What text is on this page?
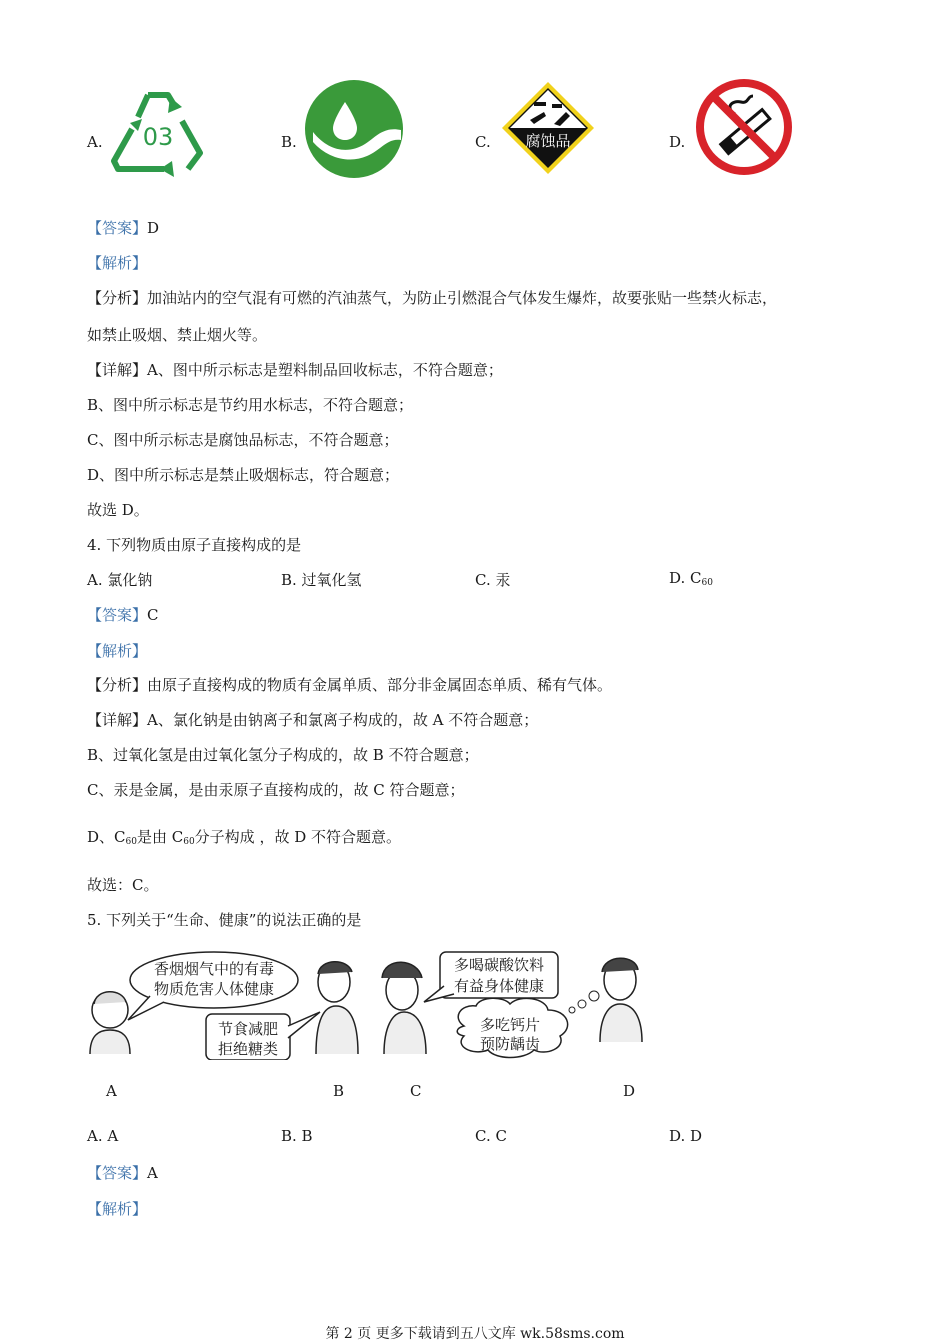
A. 03	B.	C. 腐蚀品	D.
【答案】D
【解析】
【分析】加油站内的空气混有可燃的汽油蒸气，为防止引燃混合气体发生爆炸，故要张贴一些禁火标志，
如禁止吸烟、禁止烟火等。
【详解】A、图中所示标志是塑料制品回收标志，不符合题意；
B、图中所示标志是节约用水标志，不符合题意；
C、图中所示标志是腐蚀品标志，不符合题意；
D、图中所示标志是禁止吸烟标志，符合题意；
故选 D。
4. 下列物质由原子直接构成的是
A. 氯化钠	B. 过氧化氢	C. 汞	D. $C_{60}$
【答案】C
【解析】
【分析】由原子直接构成的物质有金属单质、部分非金属固态单质、稀有气体。
【详解】A、氯化钠是由钠离子和氯离子构成的，故 A 不符合题意；
B、过氧化氢是由过氧化氢分子构成的，故 B 不符合题意；
C、汞是金属，是由汞原子直接构成的，故 C 符合题意；
D、$C_{60}$是由 $C_{60}$分子构成 ，故 D 不符合题意。
故选：C。
5. 下列关于“生命、健康”的说法正确的是
香烟烟气中的有毒
物质危害人体健康
节食减肥
拒绝糖类
多喝碳酸饮料
有益身体健康
多吃钙片
预防龋齿
A	B	C	D
A. A	B. B	C. C	D. D
【答案】A
【解析】
第 2 页 更多下载请到五八文库 wk.58sms.com
